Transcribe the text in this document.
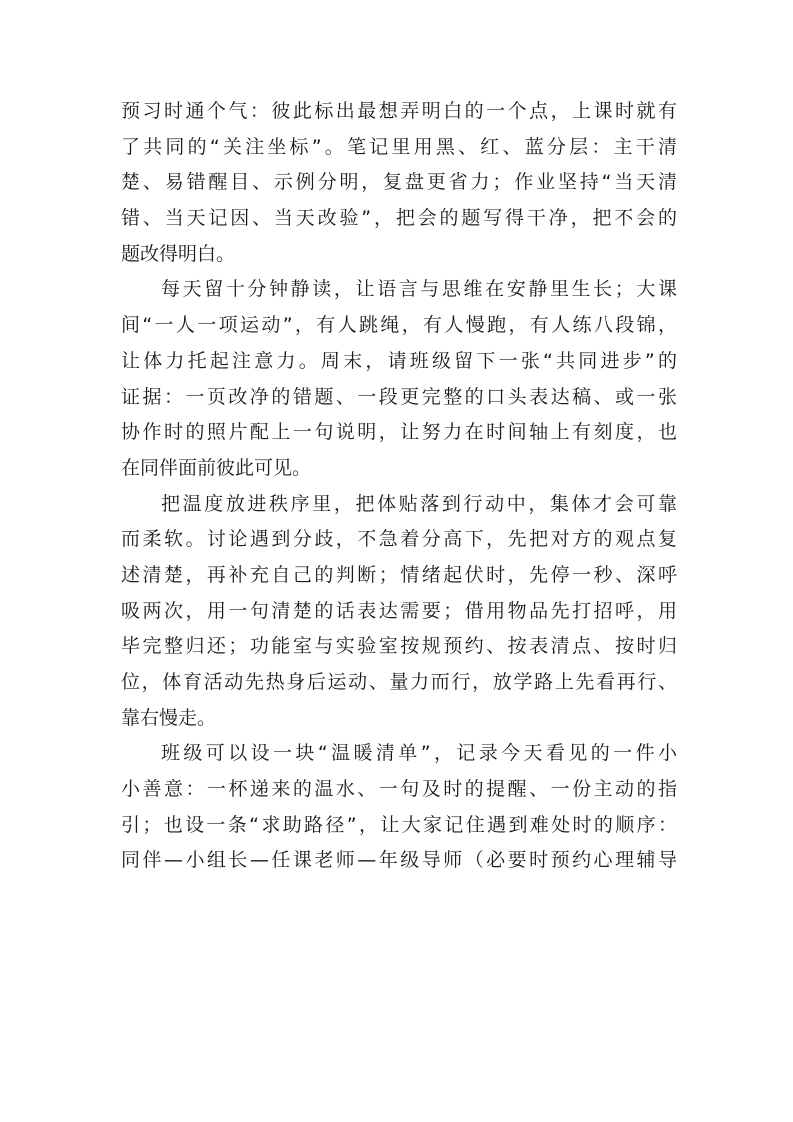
预习时通个气：彼此标出最想弄明白的一个点，上课时就有
了共同的“关注坐标”。笔记里用黑、红、蓝分层：主干清
楚、易错醒目、示例分明，复盘更省力；作业坚持“当天清
错、当天记因、当天改验”，把会的题写得干净，把不会的
题改得明白。
每天留十分钟静读，让语言与思维在安静里生长；大课
间“一人一项运动”，有人跳绳，有人慢跑，有人练八段锦，
让体力托起注意力。周末，请班级留下一张“共同进步”的
证据：一页改净的错题、一段更完整的口头表达稿、或一张
协作时的照片配上一句说明，让努力在时间轴上有刻度，也
在同伴面前彼此可见。
把温度放进秩序里，把体贴落到行动中，集体才会可靠
而柔软。讨论遇到分歧，不急着分高下，先把对方的观点复
述清楚，再补充自己的判断；情绪起伏时，先停一秒、深呼
吸两次，用一句清楚的话表达需要；借用物品先打招呼，用
毕完整归还；功能室与实验室按规预约、按表清点、按时归
位，体育活动先热身后运动、量力而行，放学路上先看再行、
靠右慢走。
班级可以设一块“温暖清单”，记录今天看见的一件小
小善意：一杯递来的温水、一句及时的提醒、一份主动的指
引；也设一条“求助路径”，让大家记住遇到难处时的顺序：
同伴—小组长—任课老师—年级导师（必要时预约心理辅导
